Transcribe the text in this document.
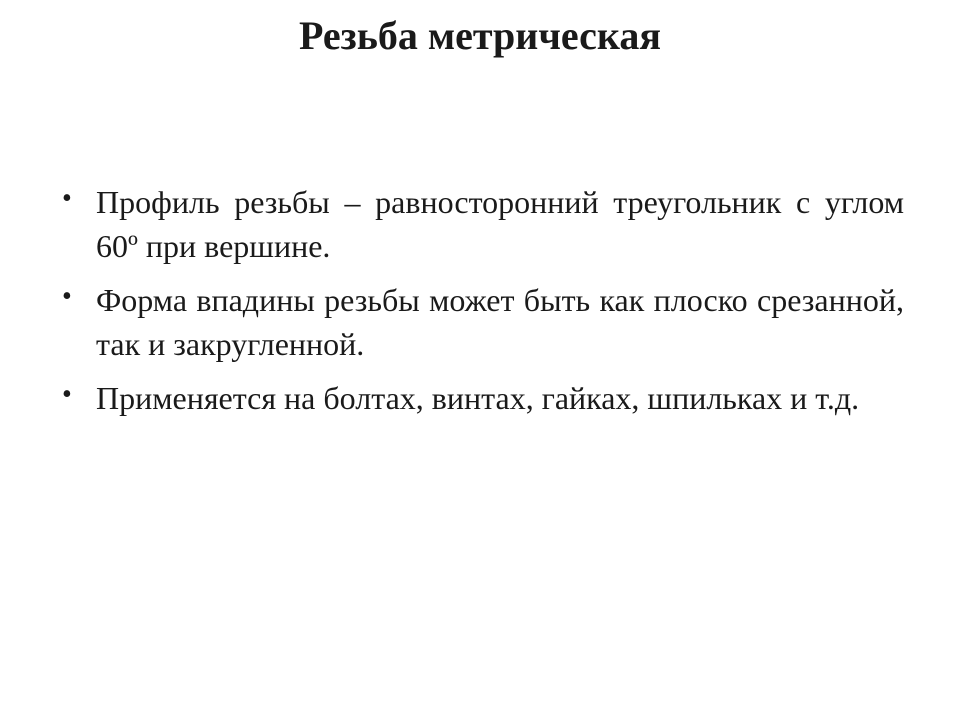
Резьба метрическая
• Профиль резьбы – равносторонний треугольник с углом 60º при вершине.
• Форма впадины резьбы может быть как плоско срезанной, так и закругленной.
• Применяется на болтах, винтах, гайках, шпильках и т.д.
